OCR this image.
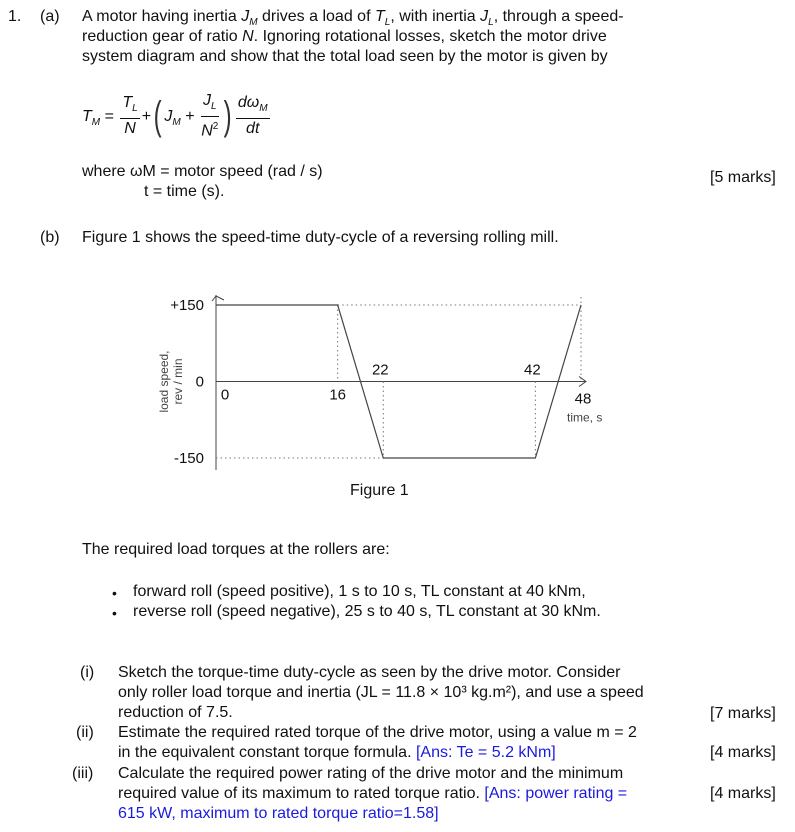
1. (a) A motor having inertia $J_M$ drives a load of $T_L$, with inertia $J_L$, through a speed-
reduction gear of ratio N. Ignoring rotational losses, sketch the motor drive
system diagram and show that the total load seen by the motor is given by
$T_M = \frac{T_L}{N}$ +( $J_M + \frac{J_L}{N^2}$ ) $\frac{d\omega_M}{dt}$
where ωM = motor speed (rad / s)
t = time (s).
[5 marks]
(b) Figure 1 shows the speed-time duty-cycle of a reversing rolling mill.
+150
0
-150
0	16
22	42
48
time, s
load speed, rev / min
Figure 1
The required load torques at the rollers are:
• forward roll (speed positive), 1 s to 10 s, TL constant at 40 kNm,
• reverse roll (speed negative), 25 s to 40 s, TL constant at 30 kNm.
(i) Sketch the torque-time duty-cycle as seen by the drive motor. Consider
only roller load torque and inertia (JL = 11.8 × 10³ kg.m²), and use a speed
reduction of 7.5.	[7 marks]
(ii) Estimate the required rated torque of the drive motor, using a value m = 2
in the equivalent constant torque formula. [Ans: Te = 5.2 kNm]	[4 marks]
(iii) Calculate the required power rating of the drive motor and the minimum
required value of its maximum to rated torque ratio. [Ans: power rating =
615 kW, maximum to rated torque ratio=1.58]
[4 marks]
